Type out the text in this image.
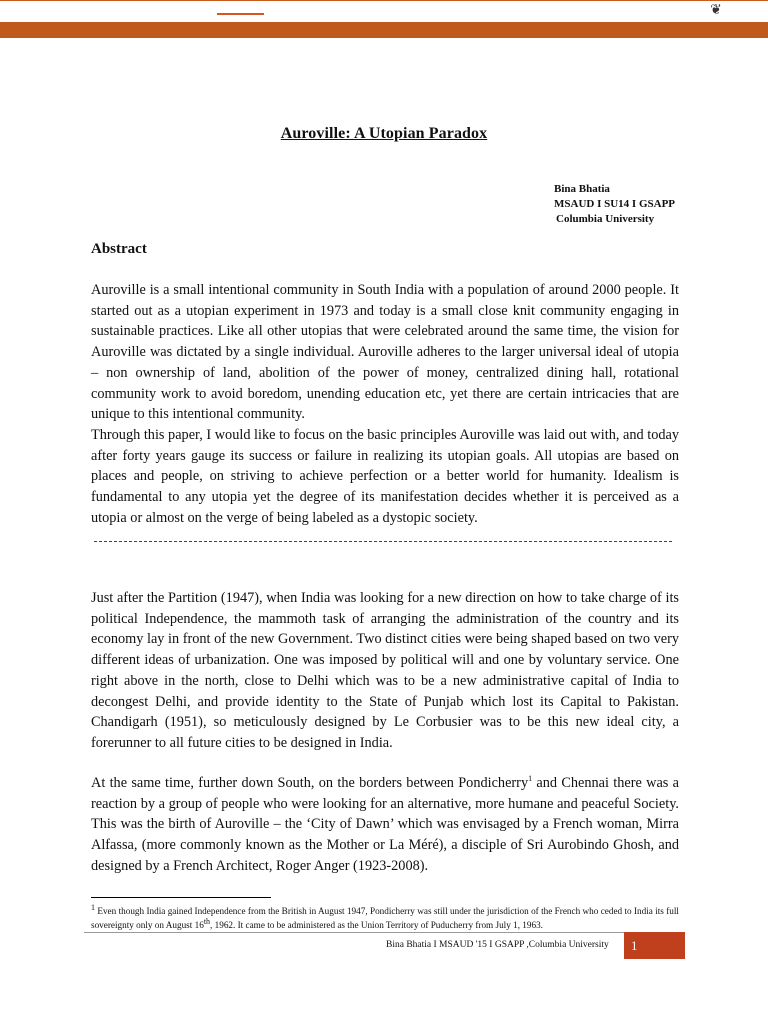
❦
Auroville: A Utopian Paradox
Bina Bhatia
MSAUD I SU14 I GSAPP
Columbia University
Abstract

Auroville is a small intentional community in South India with a population of around 2000 people. It started out as a utopian experiment in 1973 and today is a small close knit community engaging in sustainable practices. Like all other utopias that were celebrated around the same time, the vision for Auroville was dictated by a single individual. Auroville adheres to the larger universal ideal of utopia – non ownership of land, abolition of the power of money, centralized dining hall, rotational community work to avoid boredom, unending education etc, yet there are certain intricacies that are unique to this intentional community.

Through this paper, I would like to focus on the basic principles Auroville was laid out with, and today after forty years gauge its success or failure in realizing its utopian goals. All utopias are based on places and people, on striving to achieve perfection or a better world for humanity. Idealism is fundamental to any utopia yet the degree of its manifestation decides whether it is perceived as a utopia or almost on the verge of being labeled as a dystopic society.

Just after the Partition (1947), when India was looking for a new direction on how to take charge of its political Independence, the mammoth task of arranging the administration of the country and its economy lay in front of the new Government. Two distinct cities were being shaped based on two very different ideas of urbanization. One was imposed by political will and one by voluntary service. One right above in the north, close to Delhi which was to be a new administrative capital of India to decongest Delhi, and provide identity to the State of Punjab which lost its Capital to Pakistan. Chandigarh (1951), so meticulously designed by Le Corbusier was to be this new ideal city, a forerunner to all future cities to be designed in India.

At the same time, further down South, on the borders between Pondicherry$^1$ and Chennai there was a reaction by a group of people who were looking for an alternative, more humane and peaceful Society. This was the birth of Auroville – the ‘City of Dawn’ which was envisaged by a French woman, Mirra Alfassa, (more commonly known as the Mother or La Méré), a disciple of Sri Aurobindo Ghosh, and designed by a French Architect, Roger Anger (1923-2008).

1 Even though India gained Independence from the British in August 1947, Pondicherry was still under the jurisdiction of the French who ceded to India its full sovereignty only on August 16th, 1962. It came to be administered as the Union Territory of Puducherry from July 1, 1963.
Bina Bhatia I MSAUD '15 I GSAPP ,Columbia University	1
